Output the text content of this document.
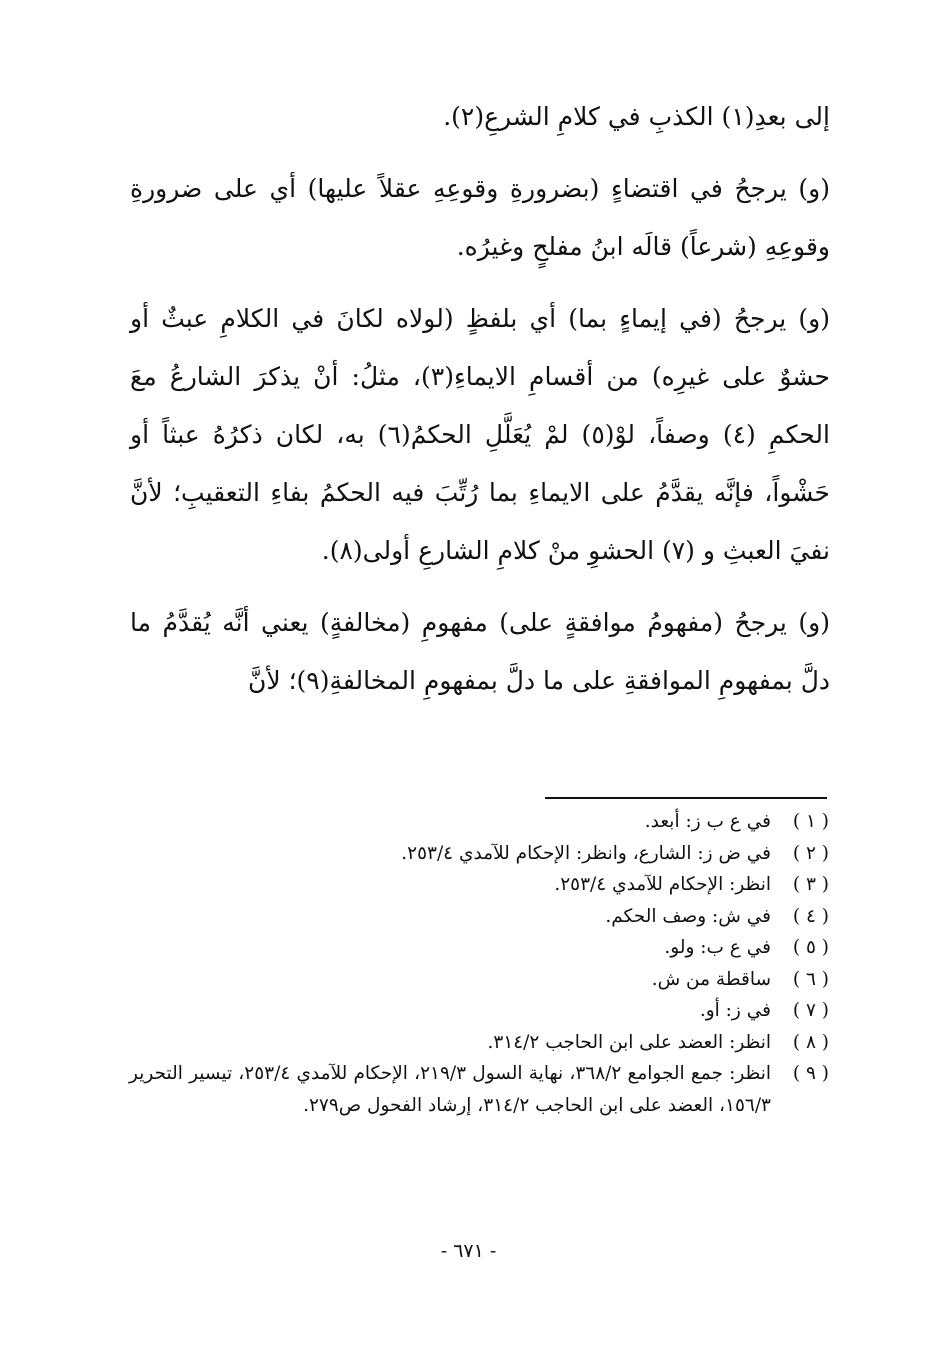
إلى بعدِ(١) الكذبِ في كلامِ الشرعِ(٢).

(و) يرجحُ في اقتضاءٍ (بضرورةِ وقوعِهِ عقلاً عليها) أي على ضرورةِ وقوعِهِ (شرعاً) قالَه ابنُ مفلحٍ وغيرُه.

(و) يرجحُ (في إيماءٍ بما) أي بلفظٍ (لولاه لكانَ في الكلامِ عبثٌ أو حشوٌ على غيرِه) من أقسامِ الايماءِ(٣)، مثلُ: أنْ يذكرَ الشارعُ معَ الحكمِ (٤) وصفاً، لوْ(٥) لمْ يُعَلَّلِ الحكمُ(٦) به، لكان ذكرُهُ عبثاً أو حَشْواً، فإنَّه يقدَّمُ على الايماءِ بما رُتِّبَ فيه الحكمُ بفاءِ التعقيبِ؛ لأنَّ نفيَ العبثِ و (٧) الحشوِ منْ كلامِ الشارعِ أولى(٨).

(و) يرجحُ (مفهومُ موافقةٍ على) مفهومِ (مخالفةٍ) يعني أنَّه يُقدَّمُ ما دلَّ بمفهومِ الموافقةِ على ما دلَّ بمفهومِ المخالفةِ(٩)؛ لأنَّ

( ١ )
في ع ب ز: أبعد.
( ٢ )
في ض ز: الشارع، وانظر: الإحكام للآمدي ٢٥٣/٤.
( ٣ )
انظر: الإحكام للآمدي ٢٥٣/٤.
( ٤ )
في ش: وصف الحكم.
( ٥ )
في ع ب: ولو.
( ٦ )
ساقطة من ش.
( ٧ )
في ز: أو.
( ٨ )
انظر: العضد على ابن الحاجب ٣١٤/٢.
( ٩ )
انظر: جمع الجوامع ٣٦٨/٢، نهاية السول ٢١٩/٣، الإحكام للآمدي ٢٥٣/٤، تيسير التحرير ١٥٦/٣، العضد على ابن الحاجب ٣١٤/٢، إرشاد الفحول ص٢٧٩.
- ٦٧١ -
